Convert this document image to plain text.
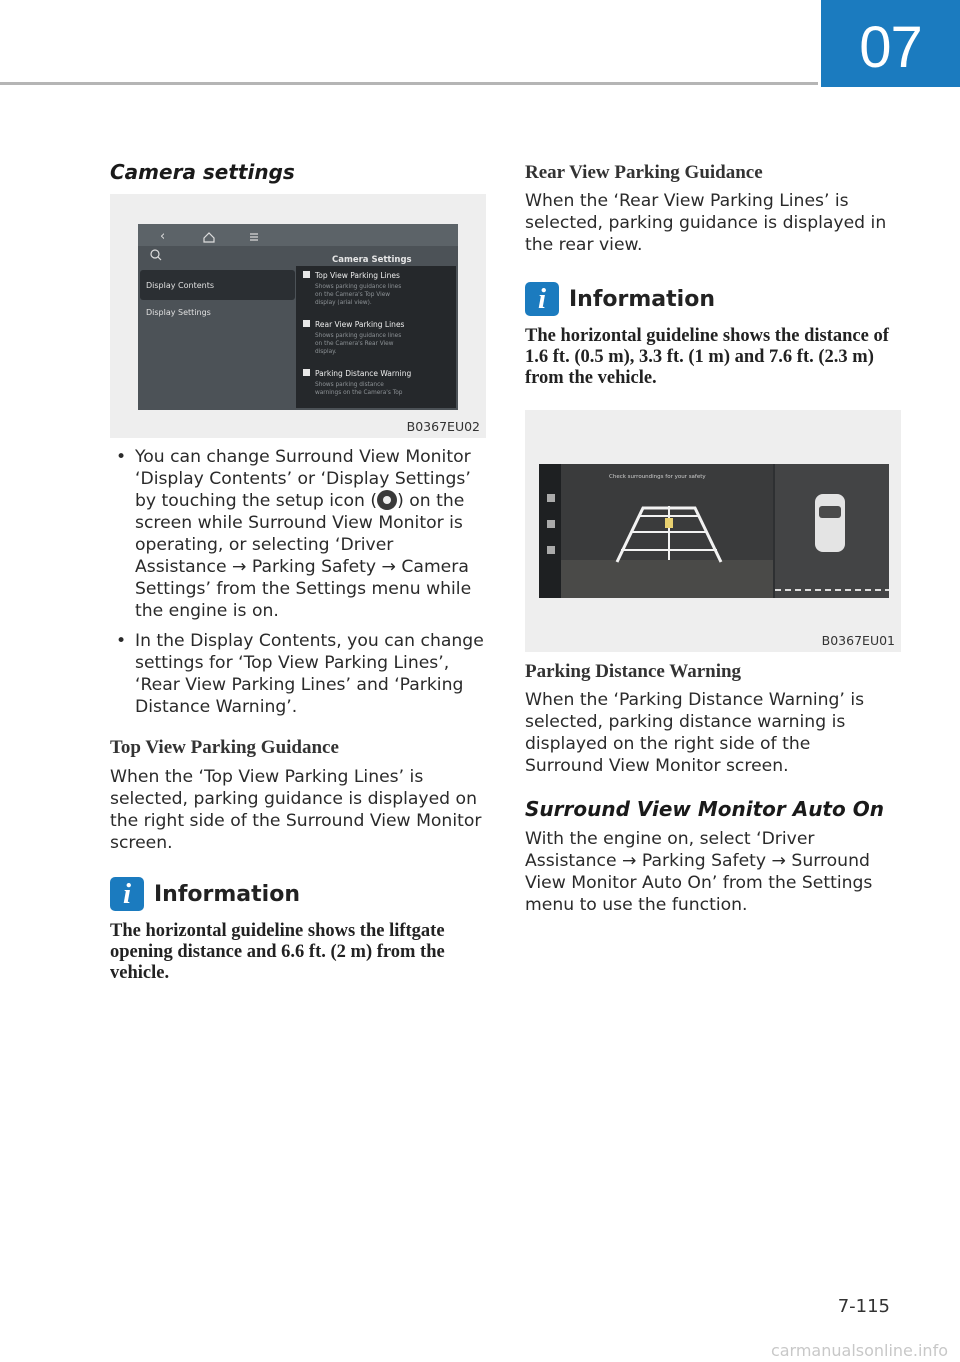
07
Camera settings
‹
Camera Settings
Display Contents
Display Settings
Top View Parking Lines
Shows parking guidance lines
on the Camera's Top View
display (arial view).
Rear View Parking Lines
Shows parking guidance lines
on the Camera's Rear View
display.
Parking Distance Warning
Shows parking distance
warnings on the Camera's Top
B0367EU02
• You can change Surround View Monitor ‘Display Contents’ or ‘Display Settings’ by touching the setup icon ( ) on the screen while Surround View Monitor is operating, or selecting ‘Driver Assistance → Parking Safety → Camera Settings’ from the Settings menu while the engine is on.
• In the Display Contents, you can change settings for ‘Top View Parking Lines’, ‘Rear View Parking Lines’ and ‘Parking Distance Warning’.
Top View Parking Guidance

When the ‘Top View Parking Lines’ is selected, parking guidance is displayed on the right side of the Surround View Monitor screen.

i	Information

The horizontal guideline shows the liftgate opening distance and 6.6 ft. (2 m) from the vehicle.

Rear View Parking Guidance

When the ‘Rear View Parking Lines’ is selected, parking guidance is displayed in the rear view.

i	Information

The horizontal guideline shows the distance of 1.6 ft. (0.5 m), 3.3 ft. (1 m) and 7.6 ft. (2.3 m) from the vehicle.

Check surroundings for your safety
B0367EU01
Parking Distance Warning

When the ‘Parking Distance Warning’ is selected, parking distance warning is displayed on the right side of the Surround View Monitor screen.

Surround View Monitor Auto On

With the engine on, select ‘Driver Assistance → Parking Safety → Surround View Monitor Auto On’ from the Settings menu to use the function.

7-115
carmanualsonline.info
